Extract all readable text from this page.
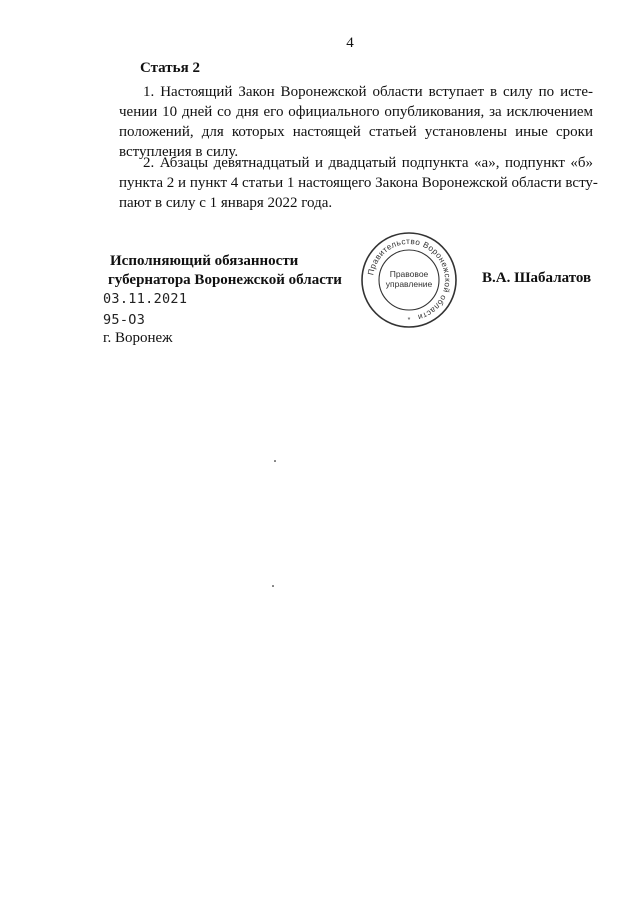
4
Статья 2
1. Настоящий Закон Воронежской области вступает в силу по исте-
чении 10 дней со дня его официального опубликования, за исключением
положений, для которых настоящей статьей установлены иные сроки
вступления в силу.
2. Абзацы девятнадцатый и двадцатый подпункта «а», подпункт «б»
пункта 2 и пункт 4 статьи 1 настоящего Закона Воронежской области всту-
пают в силу с 1 января 2022 года.
Исполняющий обязанности
губернатора Воронежской области
Правительство Воронежской области
Правовое
управление
*
В.А. Шабалатов
03.11.2021
95-ОЗ
г. Воронеж
